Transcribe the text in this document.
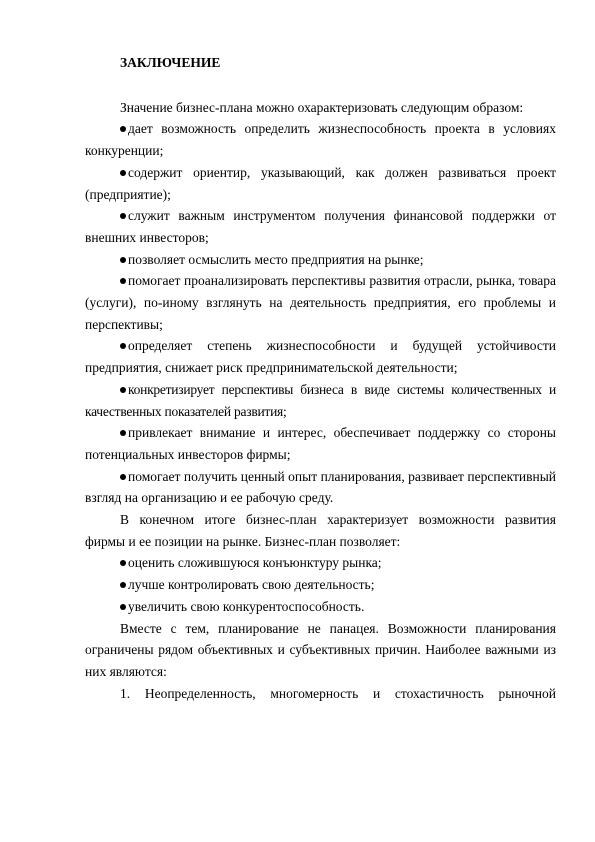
ЗАКЛЮЧЕНИЕ

Значение бизнес-плана можно охарактеризовать следующим образом:

дает возможность определить жизнеспособность проекта в условиях конкуренции;

содержит ориентир, указывающий, как должен развиваться проект (предприятие);

служит важным инструментом получения финансовой поддержки от внешних инвесторов;

позволяет осмыслить место предприятия на рынке;

помогает проанализировать перспективы развития отрасли, рынка, товара (услуги), по-иному взглянуть на деятельность предприятия, его проблемы и перспективы;

определяет степень жизнеспособности и будущей устойчивости предприятия, снижает риск предпринимательской деятельности;

конкретизирует перспективы бизнеса в виде системы количественных и качественных показателей развития;

привлекает внимание и интерес, обеспечивает поддержку со стороны потенциальных инвесторов фирмы;

помогает получить ценный опыт планирования, развивает перспективный взгляд на организацию и ее рабочую среду.

В конечном итоге бизнес-план характеризует возможности развития фирмы и ее позиции на рынке. Бизнес-план позволяет:

оценить сложившуюся конъюнктуру рынка;

лучше контролировать свою деятельность;

увеличить свою конкурентоспособность.

Вместе с тем, планирование не панацея. Возможности планирования ограничены рядом объективных и субъективных причин. Наиболее важными из них являются:

1. Неопределенность, многомерность и стохастичность рыночной
